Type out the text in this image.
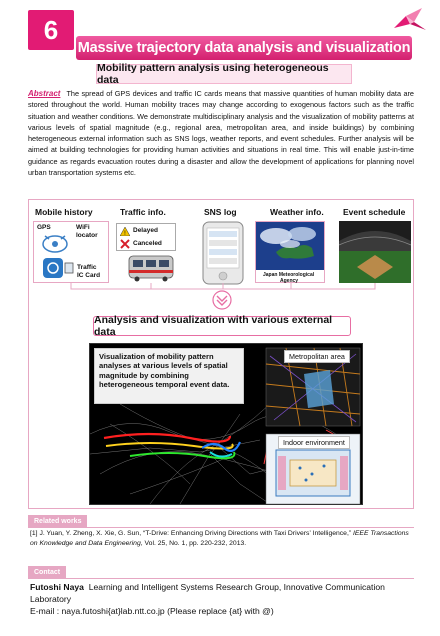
6
Massive trajectory data analysis and visualization
Mobility pattern analysis using heterogeneous data
Abstract The spread of GPS devices and traffic IC cards means that massive quantities of human mobility data are stored throughout the world. Human mobility traces may change according to exogenous factors such as the traffic situation and weather conditions. We demonstrate multidisciplinary analysis and the visualization of mobility patterns at various levels of spatial magnitude (e.g., regional area, metropolitan area, and inside buildings) by combining heterogeneous external information such as SNS logs, weather reports, and event schedules. Further analysis will be aimed at building technologies for providing human activities and situations in real time. This will enable just-in-time guidance as regards evacuation routes during a disaster and allow the development of applications for planning novel urban transportation systems etc.
Mobile history	Traffic info.	SNS log	Weather info. Event schedule
GPS	WiFi
locator
Traffic
IC Card
! Delayed
Canceled
Japan Meteorological
Agency
Analysis and visualization with various external data
Visualization of mobility pattern analyses at various levels of spatial magnitude by combining heterogeneous temporal event data.
Metropolitan area
Indoor environment
Related works
[1] J. Yuan, Y. Zheng, X. Xie, G. Sun, “T-Drive: Enhancing Driving Directions with Taxi Drivers’ Intelligence,” IEEE Transactions on Knowledge and Data Engineering, Vol. 25, No. 1, pp. 220-232, 2013.
Contact
Futoshi Naya Learning and Intelligent Systems Research Group, Innovative Communication Laboratory
E-mail : naya.futoshi{at}lab.ntt.co.jp (Please replace {at} with @)
